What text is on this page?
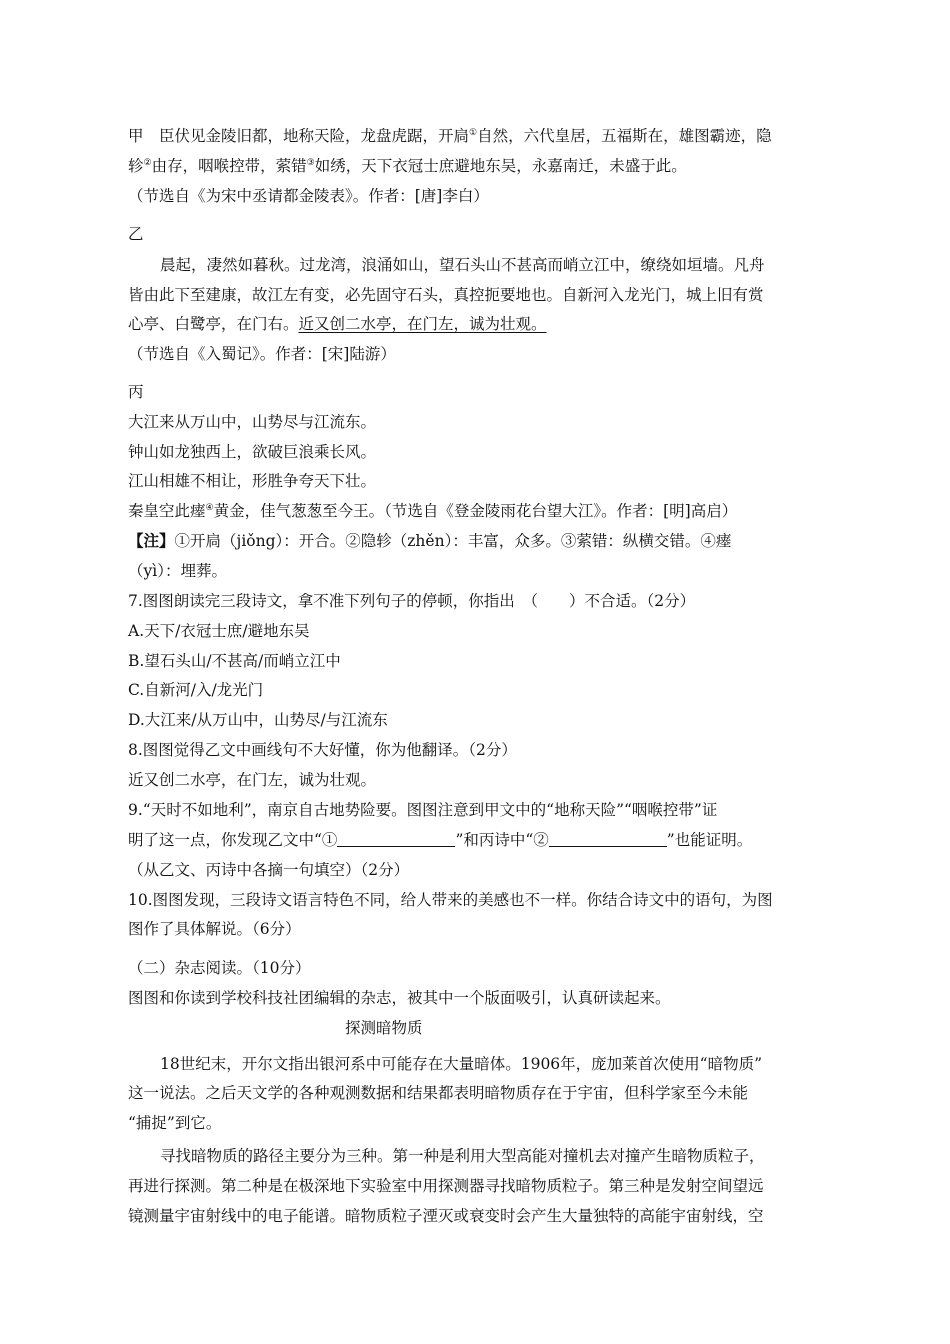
甲　臣伏见金陵旧都，地称天险，龙盘虎踞，开扃①自然，六代皇居，五福斯在，雄图霸迹，隐
轸②由存，咽喉控带，萦错③如绣，天下衣冠士庶避地东吴，永嘉南迁，未盛于此。
（节选自《为宋中丞请都金陵表》。作者：[唐]李白）
乙
晨起，凄然如暮秋。过龙湾，浪涌如山，望石头山不甚高而峭立江中，缭绕如垣墙。凡舟
皆由此下至建康，故江左有变，必先固守石头，真控扼要地也。自新河入龙光门，城上旧有赏
心亭、白鹭亭，在门右。近又创二水亭，在门左，诚为壮观。
（节选自《入蜀记》。作者：[宋]陆游）
丙
大江来从万山中，山势尽与江流东。
钟山如龙独西上，欲破巨浪乘长风。
江山相雄不相让，形胜争夸天下壮。
秦皇空此瘗④黄金，佳气葱葱至今王。（节选自《登金陵雨花台望大江》。作者：[明]高启）
【注】①开扃（jiǒng）：开合。②隐轸（zhěn）：丰富，众多。③萦错：纵横交错。④瘗
（yì）：埋葬。
7.图图朗读完三段诗文，拿不准下列句子的停顿，你指出　（　　）不合适。（2分）
A.天下/衣冠士庶/避地东吴
B.望石头山/不甚高/而峭立江中
C.自新河/入/龙光门
D.大江来/从万山中，山势尽/与江流东
8.图图觉得乙文中画线句不大好懂，你为他翻译。（2分）
近又创二水亭，在门左，诚为壮观。
9.“天时不如地利”，南京自古地势险要。图图注意到甲文中的“地称天险”“咽喉控带”证
明了这一点，你发现乙文中“①	”和丙诗中“②	”也能证明。
（从乙文、丙诗中各摘一句填空）（2分）
10.图图发现，三段诗文语言特色不同，给人带来的美感也不一样。你结合诗文中的语句，为图
图作了具体解说。（6分）
（二）杂志阅读。（10分）
图图和你读到学校科技社团编辑的杂志，被其中一个版面吸引，认真研读起来。
探测暗物质
18世纪末，开尔文指出银河系中可能存在大量暗体。1906年，庞加莱首次使用“暗物质”
这一说法。之后天文学的各种观测数据和结果都表明暗物质存在于宇宙，但科学家至今未能
“捕捉”到它。
寻找暗物质的路径主要分为三种。第一种是利用大型高能对撞机去对撞产生暗物质粒子，
再进行探测。第二种是在极深地下实验室中用探测器寻找暗物质粒子。第三种是发射空间望远
镜测量宇宙射线中的电子能谱。暗物质粒子湮灭或衰变时会产生大量独特的高能宇宙射线，空
